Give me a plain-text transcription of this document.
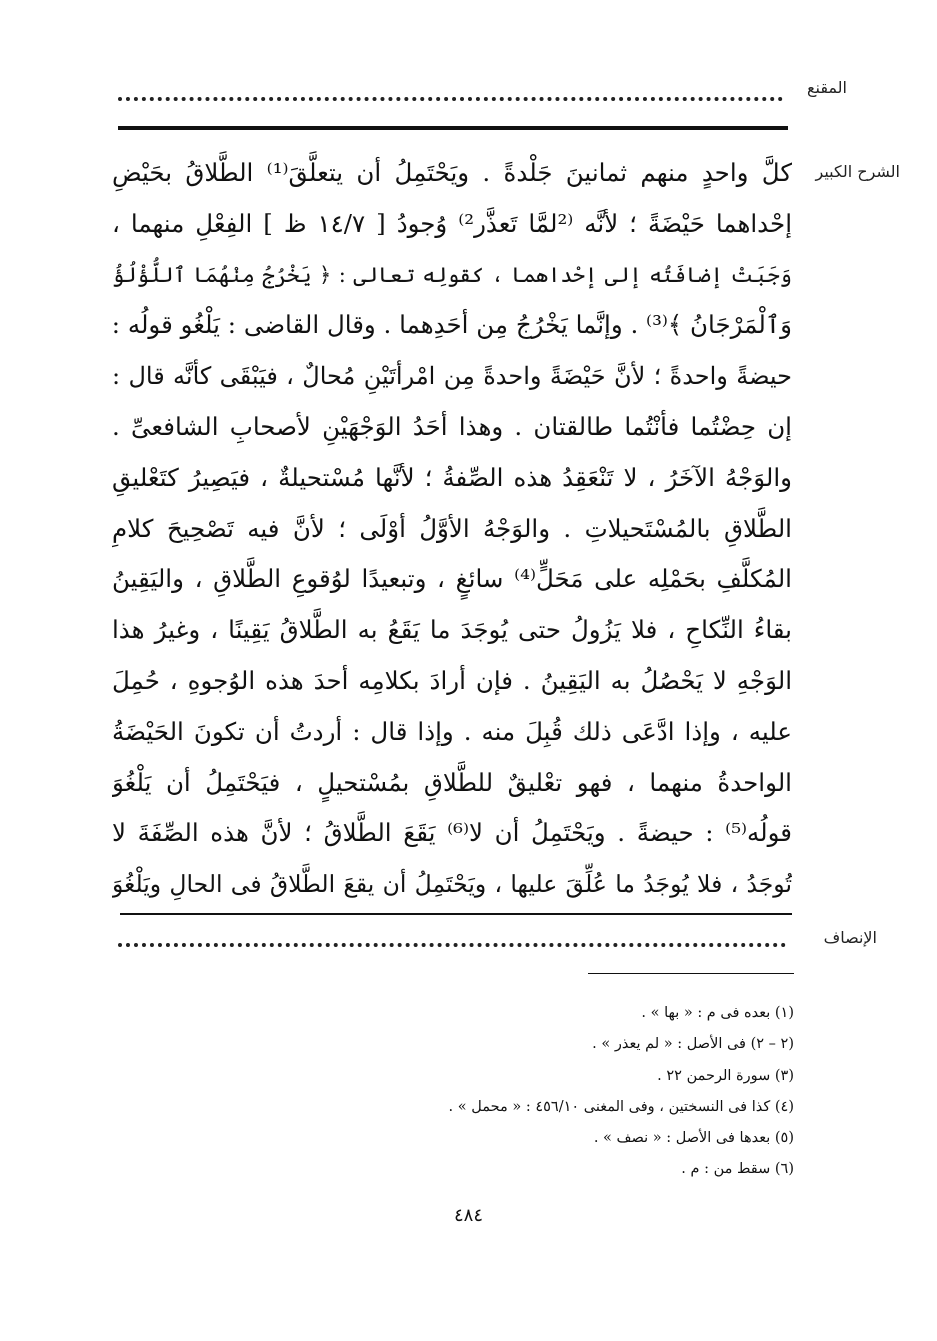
المقنع
الشرح الكبير
كلَّ واحدٍ منهم ثمانينَ جَلْدةً . ويَحْتَمِلُ أن يتعلَّقَ⁽¹⁾ الطَّلاقُ بحَيْضِ
إحْداهما حَيْضَةً ؛ لأنَّه ⁽²لمَّا تَعذَّر²⁾ وُجودُ [ ١٤/٧ ظ ] الفِعْلِ منهما ،
وَجَبَتْ إضافَتُه إلى إحْداهما ، كقولِه تعالى : ﴿ يَخْرُجُ مِنْهُمَا ٱللُّؤْلُؤُ
وَٱلْمَرْجَانُ ﴾⁽³⁾ . وإنَّما يَخْرُجُ مِن أحَدِهما . وقال القاضى : يَلْغُو قولُه :
حيضةً واحدةً ؛ لأنَّ حَيْضَةً واحدةً مِن امْرأتَيْنِ مُحالٌ ، فيَبْقَى كأنَّه قال :
إن حِضْتُما فأنْتُما طالقتان . وهذا أحَدُ الوَجْهَيْنِ لأصحابِ الشافعىِّ .
والوَجْهُ الآخَرُ ، لا تَنْعَقِدُ هذه الصِّفةُ ؛ لأنَّها مُسْتحيلةٌ ، فيَصِيرُ كتَعْليقِ
الطَّلاقِ بالمُسْتَحيلاتِ . والوَجْهُ الأوَّلُ أوْلَى ؛ لأنَّ فيه تَصْحِيحَ كلامِ
المُكلَّفِ بحَمْلِه على مَحَلٍّ⁽⁴⁾ سائغٍ ، وتبعيدًا لوُقوعِ الطَّلاقِ ، واليَقِينُ
بقاءُ النِّكاحِ ، فلا يَزُولُ حتى يُوجَدَ ما يَقَعُ به الطَّلاقُ يَقِينًا ، وغيرُ هذا
الوَجْهِ لا يَحْصُلُ به اليَقِينُ . فإن أرادَ بكلامِه أحدَ هذه الوُجوهِ ، حُمِلَ
عليه ، وإذا ادَّعَى ذلك قُبِلَ منه . وإذا قال : أردتُ أن تكونَ الحَيْضَةُ
الواحدةُ منهما ، فهو تعْليقٌ للطَّلاقِ بمُسْتحيلٍ ، فيَحْتَمِلُ أن يَلْغُوَ
قولُه⁽⁵⁾ : حيضةً . ويَحْتَمِلُ أن لا⁽⁶⁾ يَقَعَ الطَّلاقُ ؛ لأنَّ هذه الصِّفَةَ لا
تُوجَدُ ، فلا يُوجَدُ ما عُلِّقَ عليها ، ويَحْتَمِلُ أن يقعَ الطَّلاقُ فى الحالِ ويَلْغُوَ
الإنصاف
(١) بعده فى م : « بها » .
(٢ – ٢) فى الأصل : « لم يعذر » .
(٣) سورة الرحمن ٢٢ .
(٤) كذا فى النسختين ، وفى المغنى ٤٥٦/١٠ : « محمل » .
(٥) بعدها فى الأصل : « نصف » .
(٦) سقط من : م .
٤٨٤
